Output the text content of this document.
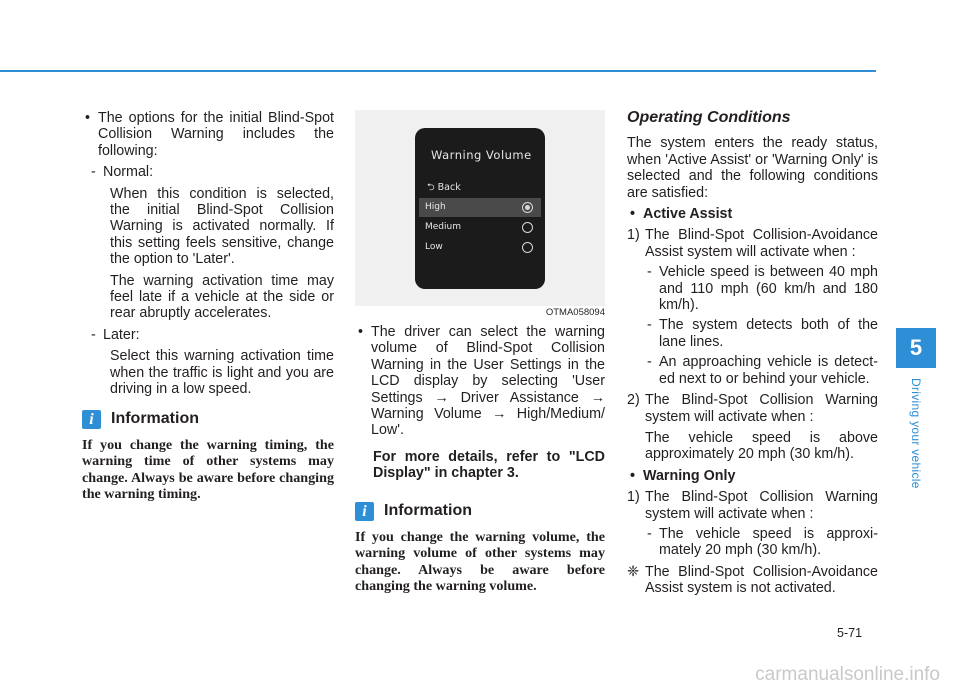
• The options for the initial Blind-Spot Collision Warning includes the following:

- Normal:

When this condition is selected, the initial Blind-Spot Collision Warning is activated normally. If this setting feels sensitive, change the option to 'Later'.

The warning activation time may feel late if a vehicle at the side or rear abruptly accelerates.

- Later:

Select this warning activation time when the traffic is light and you are driving in a low speed.

i	Information

If you change the warning timing, the warning time of other systems may change. Always be aware before changing the warning timing.

Warning Volume
⮌ Back
High
Medium
Low
OTMA058094

• The driver can select the warning volume of Blind-Spot Collision Warning in the User Settings in the LCD display by selecting 'User Settings → Driver Assistance → Warning Volume → High/Medium/ Low'.

For more details, refer to "LCD Display" in chapter 3.

i	Information

If you change the warning volume, the warning volume of other systems may change. Always be aware before changing the warning volume.

Operating Conditions

The system enters the ready status, when 'Active Assist' or 'Warning Only' is selected and the following conditions are satisfied:

• Active Assist

1) The Blind-Spot Collision-Avoidance Assist system will activate when :

- Vehicle speed is between 40 mph and 110 mph (60 km/h and 180 km/h).

- The system detects both of the lane lines.

- An approaching vehicle is detect-ed next to or behind your vehicle.

2) The Blind-Spot Collision Warning system will activate when :

The vehicle speed is above approximately 20 mph (30 km/h).

• Warning Only

1) The Blind-Spot Collision Warning system will activate when :

- The vehicle speed is approxi-mately 20 mph (30 km/h).

❈ The Blind-Spot Collision-Avoidance Assist system is not activated.

5
Driving your vehicle
5-71
carmanualsonline.info
